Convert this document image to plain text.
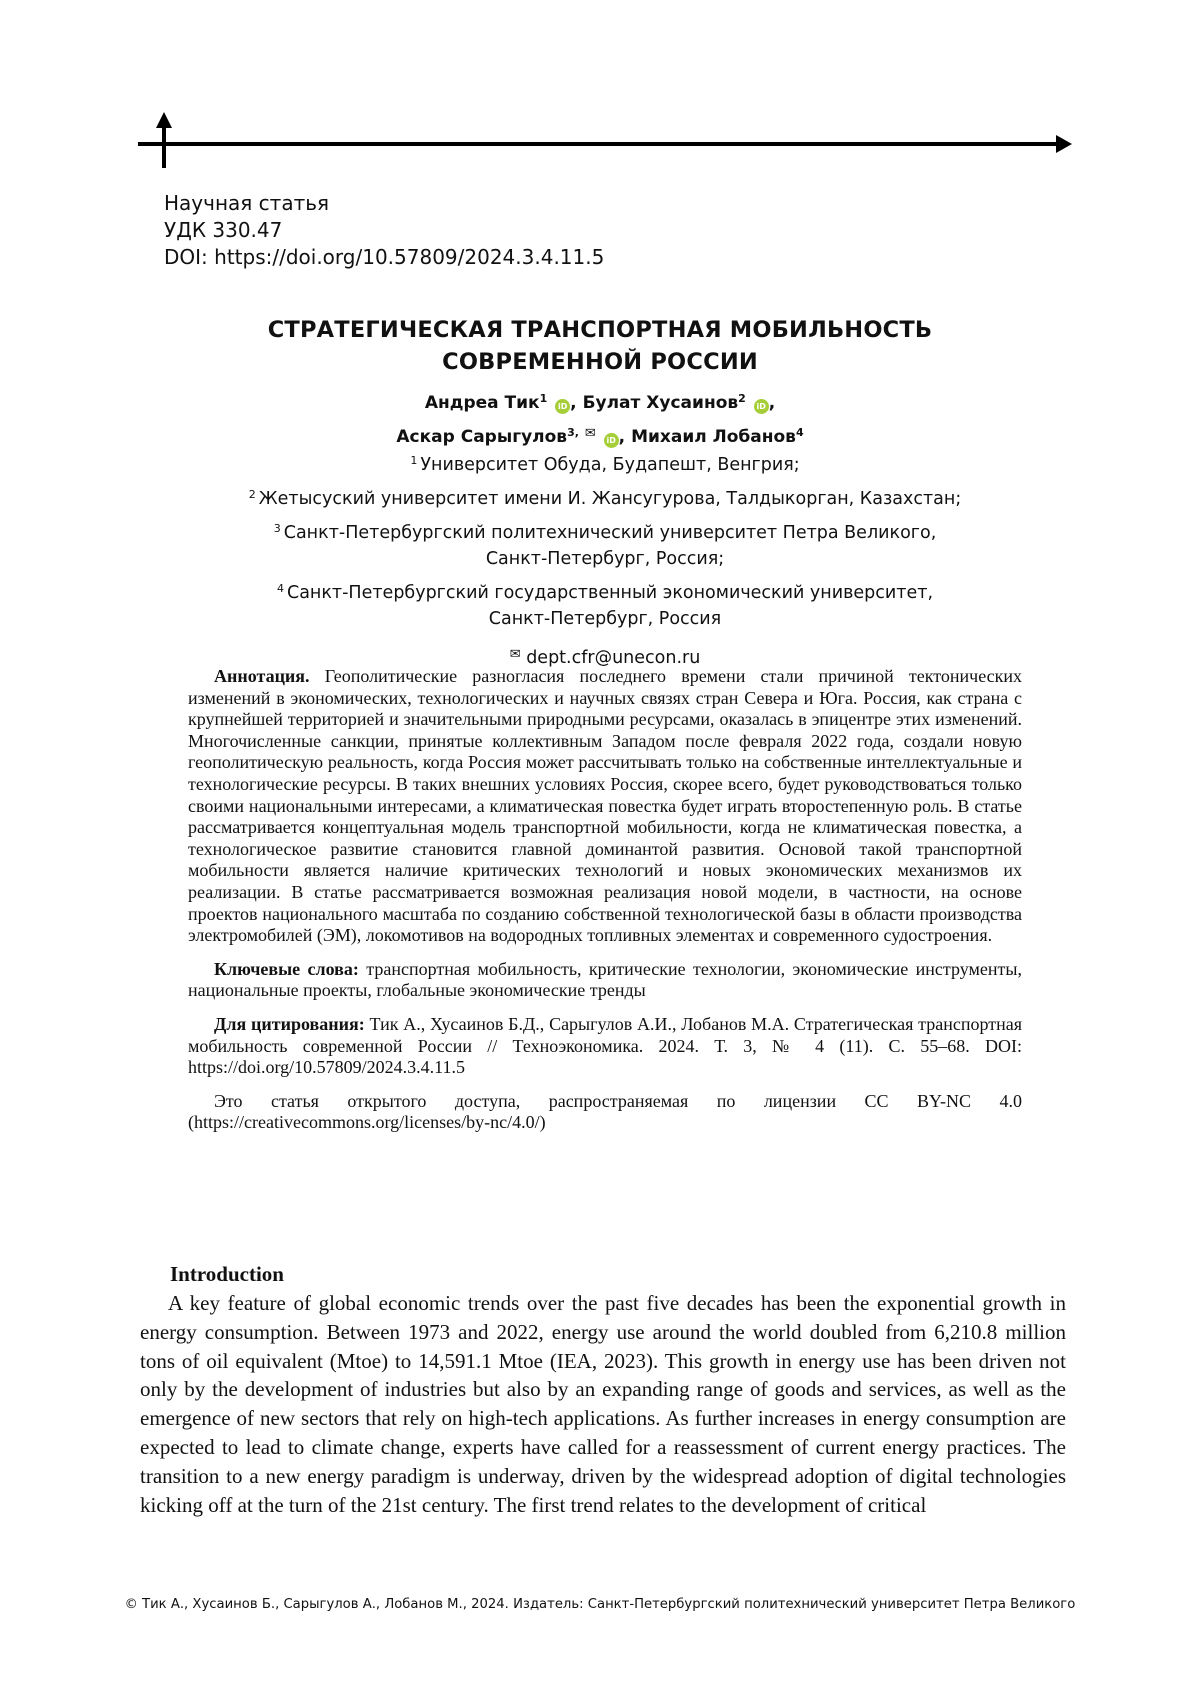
Научная статья
УДК 330.47
DOI: https://doi.org/10.57809/2024.3.4.11.5
СТРАТЕГИЧЕСКАЯ ТРАНСПОРТНАЯ МОБИЛЬНОСТЬ
СОВРЕМЕННОЙ РОССИИ
Андреа Тик$^1$ iD , Булат Хусаинов$^2$ iD ,
Аскар Сарыгулов$^{3,}$ ✉ iD , Михаил Лобанов$^4$
$^1$ Университет Обуда, Будапешт, Венгрия;
$^2$ Жетысуский университет имени И. Жансугурова, Талдыкорган, Казахстан;
$^3$ Санкт-Петербургский политехнический университет Петра Великого,
Санкт-Петербург, Россия;
$^4$ Санкт-Петербургский государственный экономический университет,
Санкт-Петербург, Россия
✉ dept.cfr@unecon.ru

Аннотация. Геополитические разногласия последнего времени стали причиной тектонических изменений в экономических, технологических и научных связях стран Севера и Юга. Россия, как страна с крупнейшей территорией и значительными природными ресурсами, оказалась в эпицентре этих изменений. Многочисленные санкции, принятые коллективным Западом после февраля 2022 года, создали новую геополитическую реальность, когда Россия может рассчитывать только на собственные интеллектуальные и технологические ресурсы. В таких внешних условиях Россия, скорее всего, будет руководствоваться только своими национальными интересами, а климатическая повестка будет играть второстепенную роль. В статье рассматривается концептуальная модель транспортной мобильности, когда не климатическая повестка, а технологическое развитие становится главной доминантой развития. Основой такой транспортной мобильности является наличие критических технологий и новых экономических механизмов их реализации. В статье рассматривается возможная реализация новой модели, в частности, на основе проектов национального масштаба по созданию собственной технологической базы в области производства электромобилей (ЭМ), локомотивов на водородных топливных элементах и современного судостроения.

Ключевые слова: транспортная мобильность, критические технологии, экономические инструменты, национальные проекты, глобальные экономические тренды

Для цитирования: Тик А., Хусаинов Б.Д., Сарыгулов А.И., Лобанов М.А. Стратегическая транспортная мобильность современной России // Техноэкономика. 2024. Т. 3, № 4 (11). С. 55–68. DOI: https://doi.org/10.57809/2024.3.4.11.5

Это статья открытого доступа, распространяемая по лицензии CC BY-NC 4.0 (https://creativecommons.org/licenses/by-nc/4.0/)

Introduction

A key feature of global economic trends over the past five decades has been the exponential growth in energy consumption. Between 1973 and 2022, energy use around the world doubled from 6,210.8 million tons of oil equivalent (Mtoe) to 14,591.1 Mtoe (IEA, 2023). This growth in energy use has been driven not only by the development of industries but also by an expanding range of goods and services, as well as the emergence of new sectors that rely on high-tech applications. As further increases in energy consumption are expected to lead to climate change, experts have called for a reassessment of current energy practices. The transition to a new energy paradigm is underway, driven by the widespread adoption of digital technologies kicking off at the turn of the 21st century. The first trend relates to the development of critical

© Тик А., Хусаинов Б., Сарыгулов А., Лобанов М., 2024. Издатель: Санкт-Петербургский политехнический университет Петра Великого
